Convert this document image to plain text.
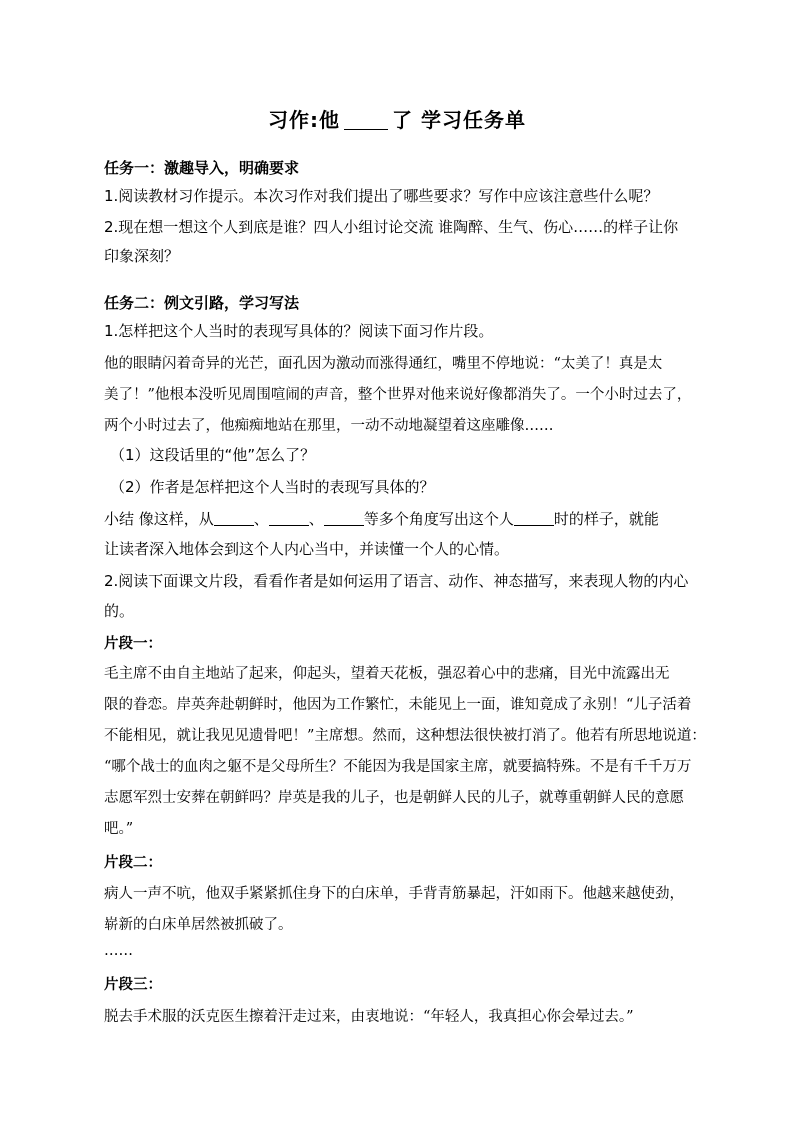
习作:他	了 学习任务单
任务一：激趣导入，明确要求
1.阅读教材习作提示。本次习作对我们提出了哪些要求？写作中应该注意些什么呢？
2.现在想一想这个人到底是谁？四人小组讨论交流 谁陶醉、生气、伤心……的样子让你
印象深刻？
任务二：例文引路，学习写法
1.怎样把这个人当时的表现写具体的？阅读下面习作片段。
他的眼睛闪着奇异的光芒，面孔因为激动而涨得通红，嘴里不停地说：“太美了！真是太
美了！”他根本没听见周围喧闹的声音，整个世界对他来说好像都消失了。一个小时过去了，
两个小时过去了，他痴痴地站在那里，一动不动地凝望着这座雕像……
（1）这段话里的“他”怎么了？
（2）作者是怎样把这个人当时的表现写具体的？
小结 像这样，从	、	、	等多个角度写出这个人	时的样子，就能
让读者深入地体会到这个人内心当中，并读懂一个人的心情。
2.阅读下面课文片段，看看作者是如何运用了语言、动作、神态描写，来表现人物的内心
的。
片段一：
毛主席不由自主地站了起来，仰起头，望着天花板，强忍着心中的悲痛，目光中流露出无
限的眷恋。岸英奔赴朝鲜时，他因为工作繁忙，未能见上一面，谁知竟成了永别！“儿子活着
不能相见，就让我见见遗骨吧！”主席想。然而，这种想法很快被打消了。他若有所思地说道：
“哪个战士的血肉之躯不是父母所生？不能因为我是国家主席，就要搞特殊。不是有千千万万
志愿军烈士安葬在朝鲜吗？岸英是我的儿子，也是朝鲜人民的儿子，就尊重朝鲜人民的意愿
吧。”
片段二：
病人一声不吭，他双手紧紧抓住身下的白床单，手背青筋暴起，汗如雨下。他越来越使劲，
崭新的白床单居然被抓破了。
……
片段三：
脱去手术服的沃克医生擦着汗走过来，由衷地说：“年轻人，我真担心你会晕过去。”
